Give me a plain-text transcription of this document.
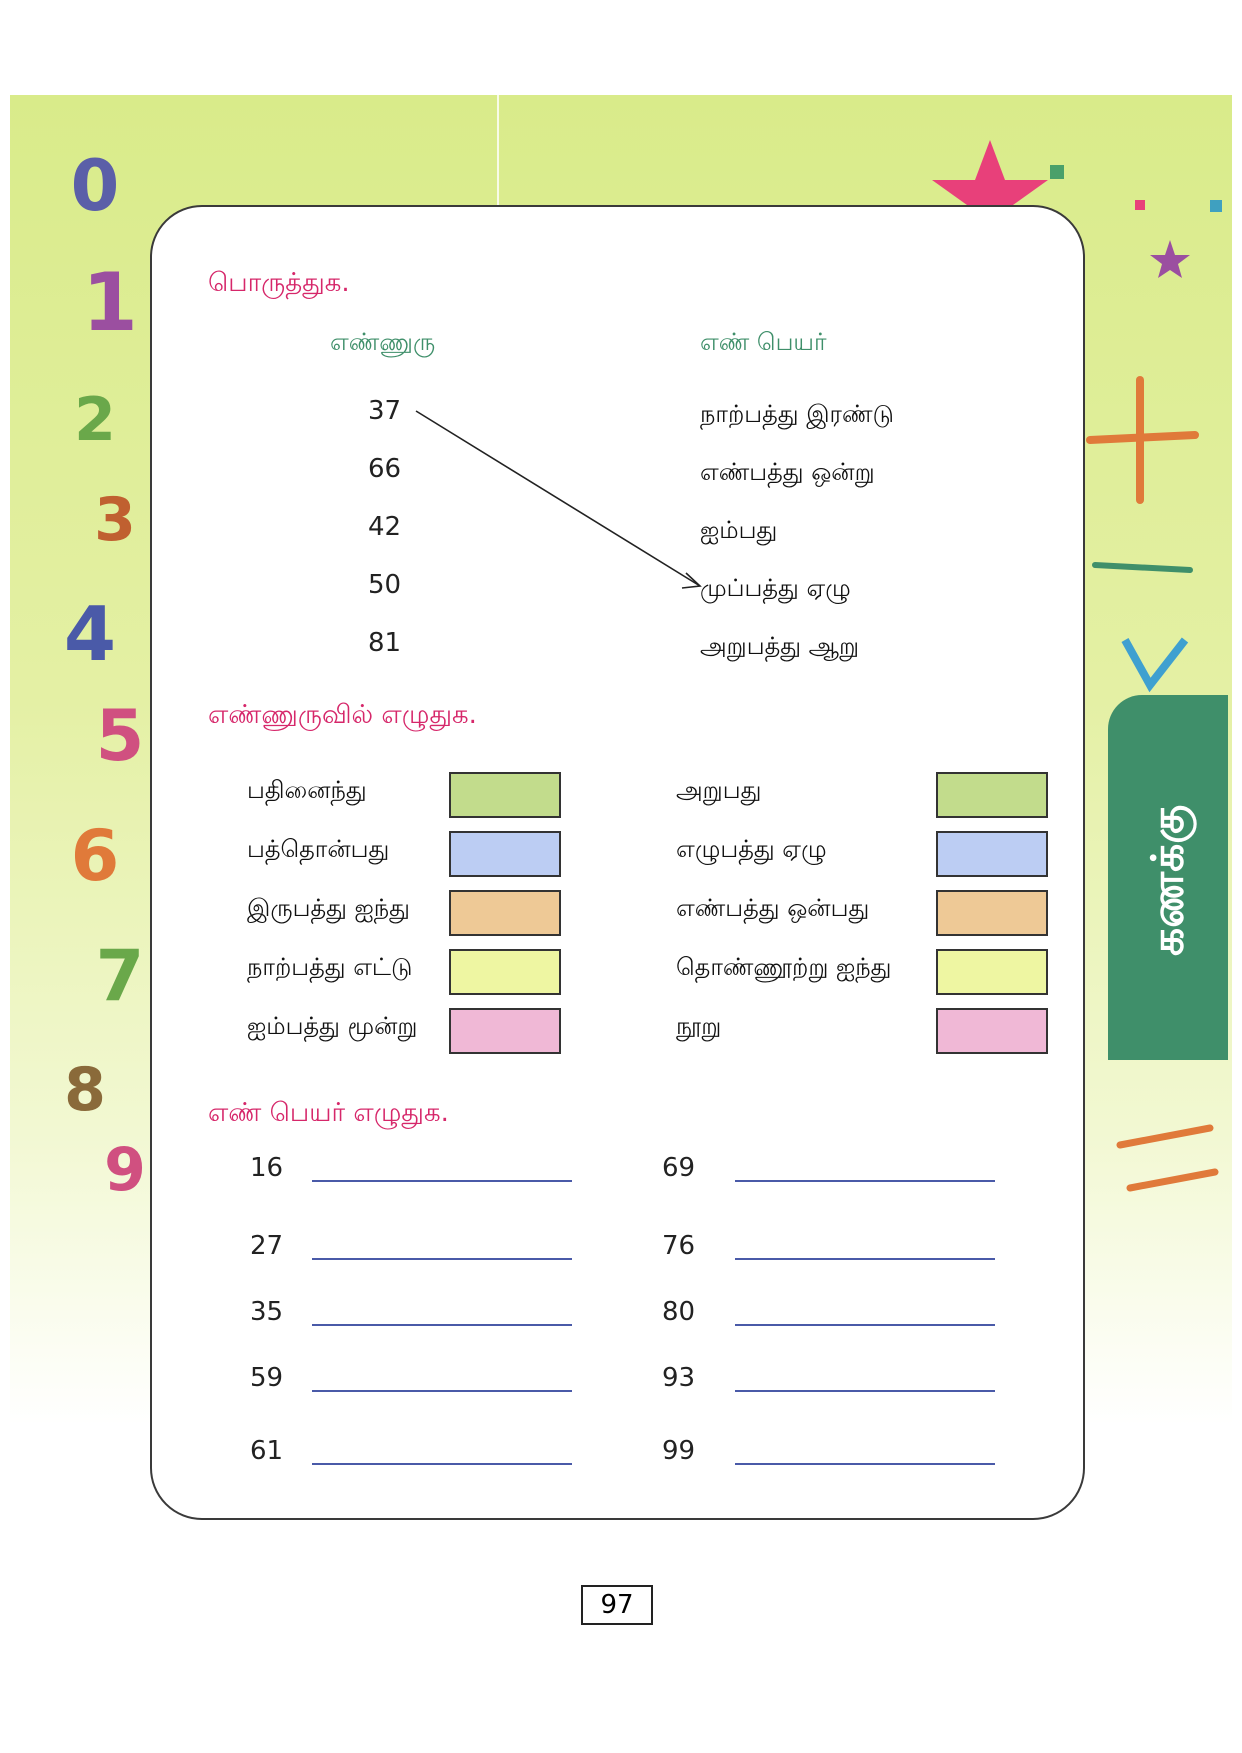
0
1
2
3
4
5
6
7
8
9
கணக்கு
பொருத்துக.
எண்ணுரு	எண் பெயர்
37
66
42
50
81
நாற்பத்து இரண்டு
எண்பத்து ஒன்று
ஐம்பது
முப்பத்து ஏழு
அறுபத்து ஆறு
எண்ணுருவில் எழுதுக.
பதினைந்து
பத்தொன்பது
இருபத்து ஐந்து
நாற்பத்து எட்டு
ஐம்பத்து மூன்று
அறுபது
எழுபத்து ஏழு
எண்பத்து ஒன்பது
தொண்ணூற்று ஐந்து
நூறு
எண் பெயர் எழுதுக.
16
27
35
59
61
69
76
80
93
99
97
